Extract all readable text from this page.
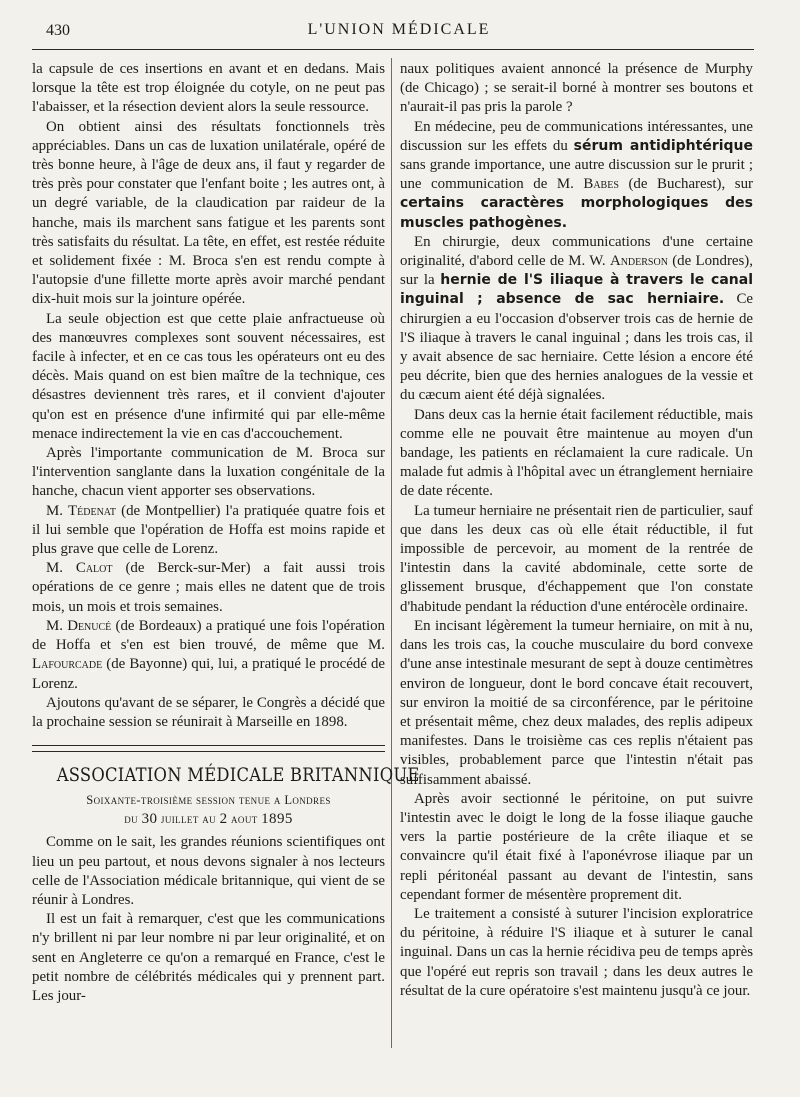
430	L'UNION MÉDICALE

la capsule de ces insertions en avant et en dedans. Mais lorsque la tête est trop éloignée du cotyle, on ne peut pas l'abaisser, et la résection devient alors la seule ressource.

On obtient ainsi des résultats fonctionnels très appréciables. Dans un cas de luxation unilatérale, opéré de très bonne heure, à l'âge de deux ans, il faut y regarder de très près pour constater que l'enfant boite ; les autres ont, à un degré variable, de la claudication par raideur de la hanche, mais ils marchent sans fatigue et les parents sont très satisfaits du résultat. La tête, en effet, est restée réduite et solidement fixée : M. Broca s'en est rendu compte à l'autopsie d'une fillette morte après avoir marché pendant dix-huit mois sur la jointure opérée.

La seule objection est que cette plaie anfractueuse où des manœuvres complexes sont souvent nécessaires, est facile à infecter, et en ce cas tous les opérateurs ont eu des décès. Mais quand on est bien maître de la technique, ces désastres deviennent très rares, et il convient d'ajouter qu'on est en présence d'une infirmité qui par elle-même menace indirectement la vie en cas d'accouchement.

Après l'importante communication de M. Broca sur l'intervention sanglante dans la luxation congénitale de la hanche, chacun vient apporter ses observations.

M. Tédenat (de Montpellier) l'a pratiquée quatre fois et il lui semble que l'opération de Hoffa est moins rapide et plus grave que celle de Lorenz.

M. Calot (de Berck-sur-Mer) a fait aussi trois opérations de ce genre ; mais elles ne datent que de trois mois, un mois et trois semaines.

M. Denucé (de Bordeaux) a pratiqué une fois l'opération de Hoffa et s'en est bien trouvé, de même que M. Lafourcade (de Bayonne) qui, lui, a pratiqué le procédé de Lorenz.

Ajoutons qu'avant de se séparer, le Congrès a décidé que la prochaine session se réunirait à Marseille en 1898.

ASSOCIATION MÉDICALE BRITANNIQUE
Soixante-troisième session tenue a Londres
du 30 juillet au 2 aout 1895

Comme on le sait, les grandes réunions scientifiques ont lieu un peu partout, et nous devons signaler à nos lecteurs celle de l'Association médicale britannique, qui vient de se réunir à Londres.

Il est un fait à remarquer, c'est que les communications n'y brillent ni par leur nombre ni par leur originalité, et on sent en Angleterre ce qu'on a remarqué en France, c'est le petit nombre de célébrités médicales qui y prennent part. Les jour-

naux politiques avaient annoncé la présence de Murphy (de Chicago) ; se serait-il borné à montrer ses boutons et n'aurait-il pas pris la parole ?

En médecine, peu de communications intéressantes, une discussion sur les effets du sérum antidiphtérique sans grande importance, une autre discussion sur le prurit ; une communication de M. Babes (de Bucharest), sur certains caractères morphologiques des muscles pathogènes.

En chirurgie, deux communications d'une certaine originalité, d'abord celle de M. W. Anderson (de Londres), sur la hernie de l'S iliaque à travers le canal inguinal ; absence de sac herniaire. Ce chirurgien a eu l'occasion d'observer trois cas de hernie de l'S iliaque à travers le canal inguinal ; dans les trois cas, il y avait absence de sac herniaire. Cette lésion a encore été peu décrite, bien que des hernies analogues de la vessie et du cæcum aient été déjà signalées.

Dans deux cas la hernie était facilement réductible, mais comme elle ne pouvait être maintenue au moyen d'un bandage, les patients en réclamaient la cure radicale. Un malade fut admis à l'hôpital avec un étranglement herniaire de date récente.

La tumeur herniaire ne présentait rien de particulier, sauf que dans les deux cas où elle était réductible, il fut impossible de percevoir, au moment de la rentrée de l'intestin dans la cavité abdominale, cette sorte de glissement brusque, d'échappement que l'on constate d'habitude pendant la réduction d'une entérocèle ordinaire.

En incisant légèrement la tumeur herniaire, on mit à nu, dans les trois cas, la couche musculaire du bord convexe d'une anse intestinale mesurant de sept à douze centimètres environ de longueur, dont le bord concave était recouvert, sur environ la moitié de sa circonférence, par le péritoine et présentait même, chez deux malades, des replis adipeux manifestes. Dans le troisième cas ces replis n'étaient pas visibles, probablement parce que l'intestin n'était pas suffisamment abaissé.

Après avoir sectionné le péritoine, on put suivre l'intestin avec le doigt le long de la fosse iliaque gauche vers la partie postérieure de la crête iliaque et se convaincre qu'il était fixé à l'aponévrose iliaque par un repli péritonéal passant au devant de l'intestin, sans cependant former de mésentère proprement dit.

Le traitement a consisté à suturer l'incision exploratrice du péritoine, à réduire l'S iliaque et à suturer le canal inguinal. Dans un cas la hernie récidiva peu de temps après que l'opéré eut repris son travail ; dans les deux autres le résultat de la cure opératoire s'est maintenu jusqu'à ce jour.
